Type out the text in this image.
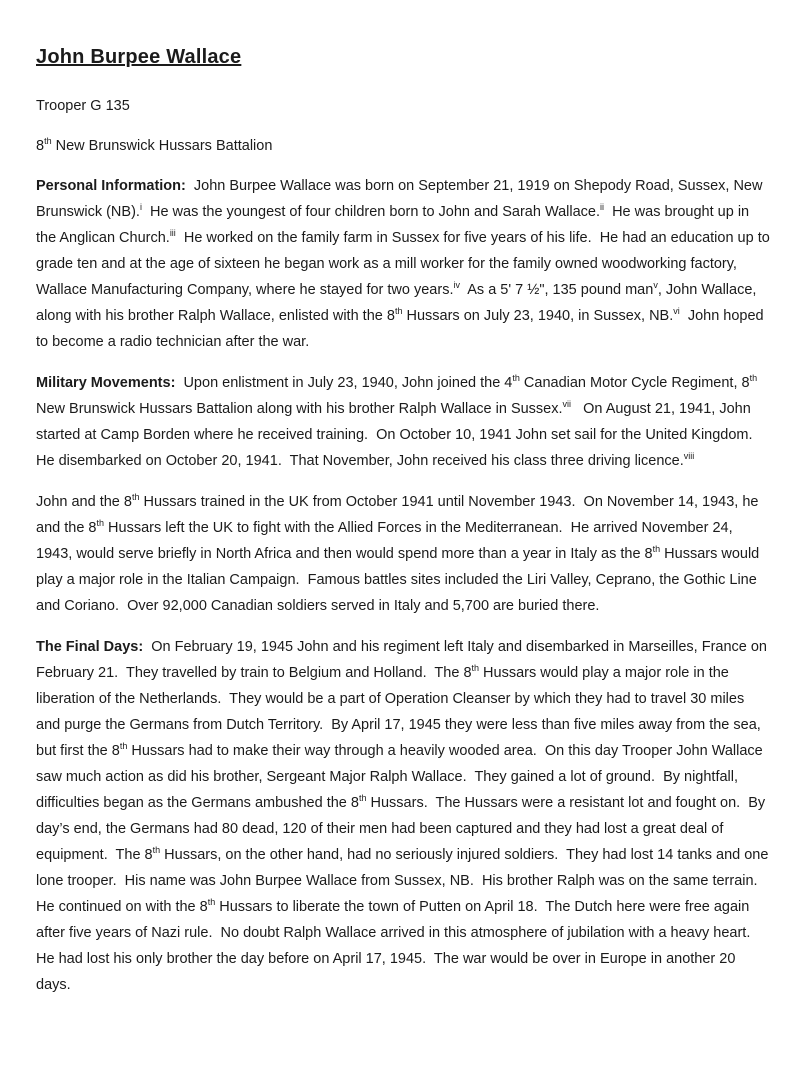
John Burpee Wallace

Trooper G 135

8th New Brunswick Hussars Battalion

Personal Information:  John Burpee Wallace was born on September 21, 1919 on Shepody Road, Sussex, New Brunswick (NB).$^i$  He was the youngest of four children born to John and Sarah Wallace.$^{ii}$  He was brought up in the Anglican Church.$^{iii}$  He worked on the family farm in Sussex for five years of his life.  He had an education up to grade ten and at the age of sixteen he began work as a mill worker for the family owned woodworking factory, Wallace Manufacturing Company, where he stayed for two years.$^{iv}$  As a 5' 7 ½", 135 pound man$^v$, John Wallace, along with his brother Ralph Wallace, enlisted with the 8th Hussars on July 23, 1940, in Sussex, NB.$^{vi}$  John hoped to become a radio technician after the war.

Military Movements:  Upon enlistment in July 23, 1940, John joined the 4th Canadian Motor Cycle Regiment, 8th New Brunswick Hussars Battalion along with his brother Ralph Wallace in Sussex.$^{vii}$   On August 21, 1941, John started at Camp Borden where he received training.  On October 10, 1941 John set sail for the United Kingdom.  He disembarked on October 20, 1941.  That November, John received his class three driving licence.$^{viii}$

John and the 8th Hussars trained in the UK from October 1941 until November 1943.  On November 14, 1943, he and the 8th Hussars left the UK to fight with the Allied Forces in the Mediterranean.  He arrived November 24, 1943, would serve briefly in North Africa and then would spend more than a year in Italy as the 8th Hussars would play a major role in the Italian Campaign.  Famous battles sites included the Liri Valley, Ceprano, the Gothic Line and Coriano.  Over 92,000 Canadian soldiers served in Italy and 5,700 are buried there.

The Final Days:  On February 19, 1945 John and his regiment left Italy and disembarked in Marseilles, France on February 21.  They travelled by train to Belgium and Holland.  The 8th Hussars would play a major role in the liberation of the Netherlands.  They would be a part of Operation Cleanser by which they had to travel 30 miles and purge the Germans from Dutch Territory.  By April 17, 1945 they were less than five miles away from the sea, but first the 8th Hussars had to make their way through a heavily wooded area.  On this day Trooper John Wallace saw much action as did his brother, Sergeant Major Ralph Wallace.  They gained a lot of ground.  By nightfall, difficulties began as the Germans ambushed the 8th Hussars.  The Hussars were a resistant lot and fought on.  By day’s end, the Germans had 80 dead, 120 of their men had been captured and they had lost a great deal of equipment.  The 8th Hussars, on the other hand, had no seriously injured soldiers.  They had lost 14 tanks and one lone trooper.  His name was John Burpee Wallace from Sussex, NB.  His brother Ralph was on the same terrain.  He continued on with the 8th Hussars to liberate the town of Putten on April 18.  The Dutch here were free again after five years of Nazi rule.  No doubt Ralph Wallace arrived in this atmosphere of jubilation with a heavy heart.  He had lost his only brother the day before on April 17, 1945.  The war would be over in Europe in another 20 days.
